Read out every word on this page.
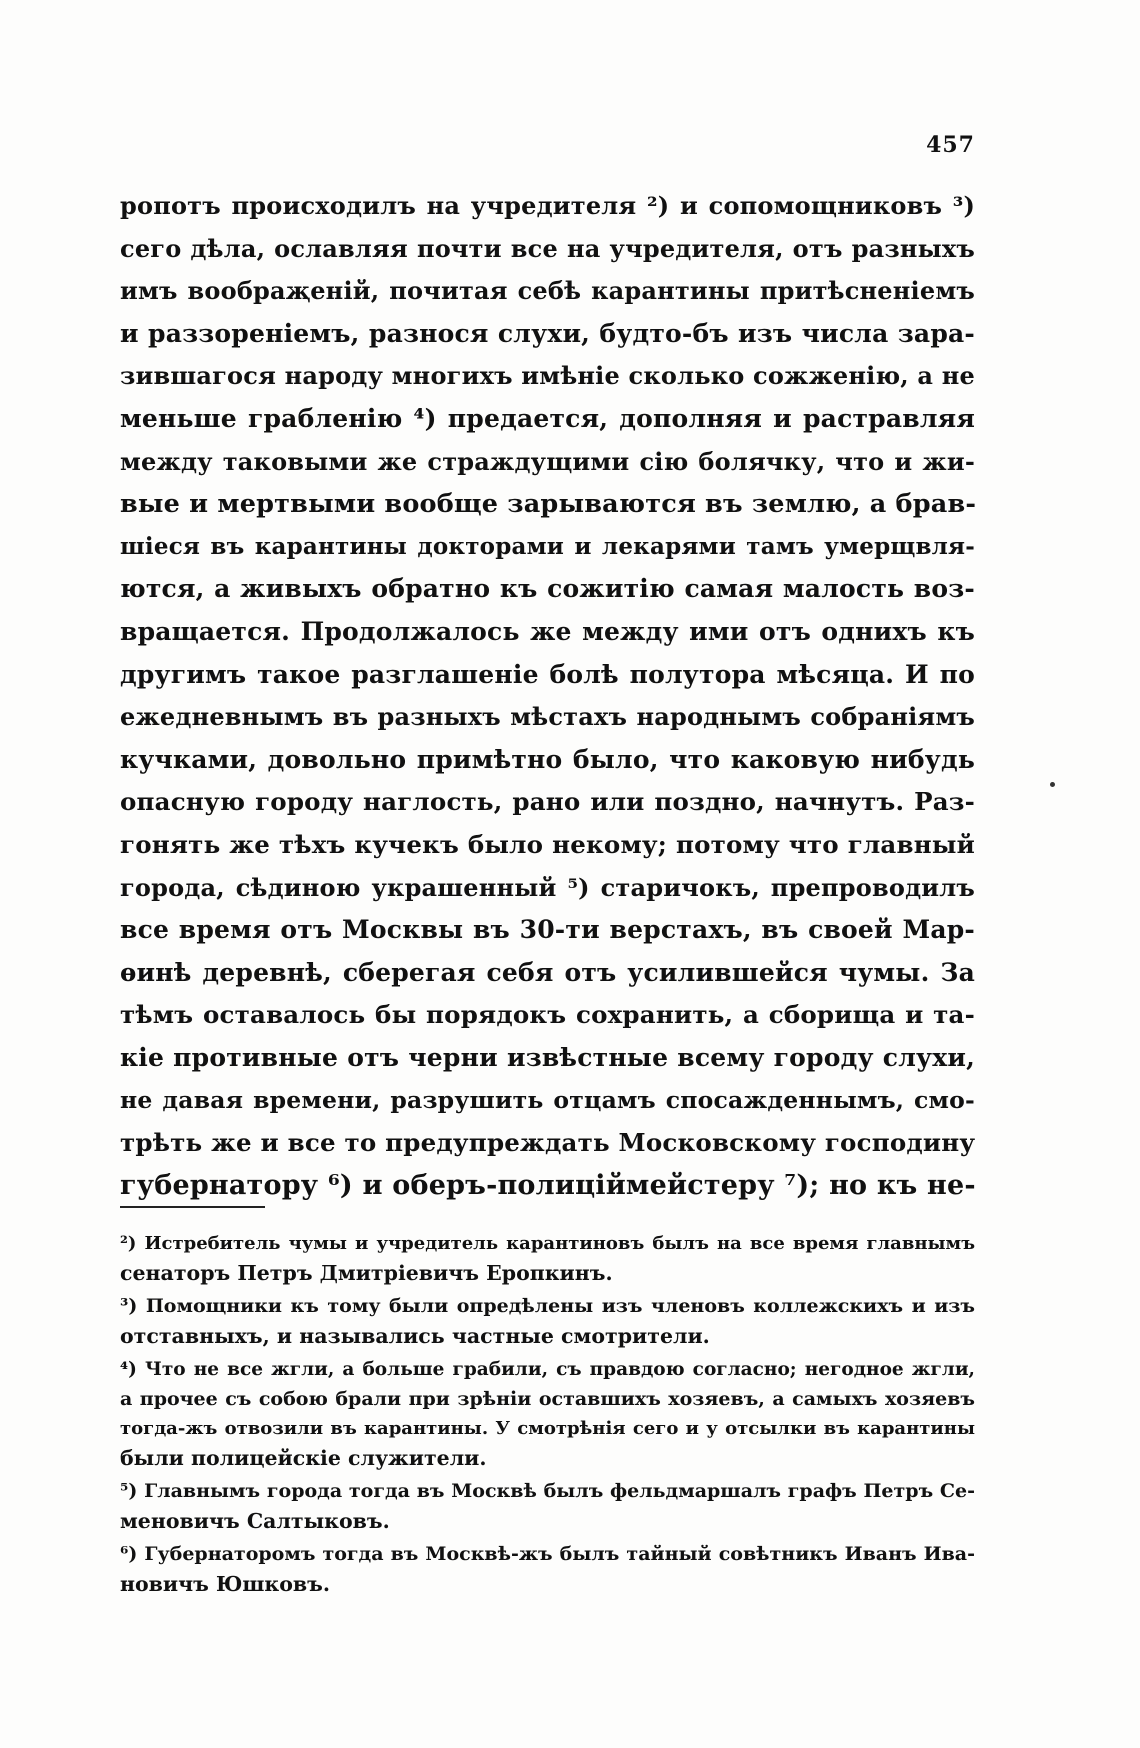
457
ропотъ происходилъ на учредителя ²) и сопомощниковъ ³)
сего дѣла, ославляя почти все на учредителя, отъ разныхъ
имъ вообраҗеній, почитая себѣ карантины притѣсненіемъ
и раззореніемъ, разнося слухи, будто-бъ изъ числа зара-
зившагося народу многихъ имѣніе сколько сожженію, а не
меньше грабленію ⁴) предается, дополняя и растравляя
между таковыми же страждущими сію болячку, что и жи-
вые и мертвыми вообще зарываются въ землю, а брав-
шіеся въ карантины докторами и лекарями тамъ умерщвля-
ются, а живыхъ обратно къ сожитію самая малость воз-
вращается. Продолжалось же между ими отъ однихъ къ
другимъ такое разглашеніе болѣ полутора мѣсяца. И по
ежедневнымъ въ разныхъ мѣстахъ народнымъ собраніямъ
кучками, довольно примѣтно было, что каковую нибудь
опасную городу наглость, рано или поздно, начнутъ. Раз-
гонять же тѣхъ кучекъ было некому; потому что главный
города, сѣдиною украшенный ⁵) старичокъ, препроводилъ
все время отъ Москвы въ 30-ти верстахъ, въ своей Мар-
ѳинѣ деревнѣ, сберегая себя отъ усилившейся чумы. За
тѣмъ оставалось бы порядокъ сохранить, а сборища и та-
кіе противные отъ черни извѣстные всему городу слухи,
не давая времени, разрушить отцамъ спосажденнымъ, смо-
трѣть же и все то предупреждать Московскому господину
губернатору ⁶) и оберъ-полиціймейстеру ⁷); но къ не-
²) Истребитель чумы и учредитель карантиновъ былъ на все время главнымъ
сенаторъ Петръ Дмитріевичъ Еропкинъ.
³) Помощники къ тому были опредѣлены изъ членовъ коллежскихъ и изъ
отставныхъ, и назывались частные смотрители.
⁴) Что не все жгли, а больше грабили, съ правдою согласно; негодное жгли,
а прочее съ собою брали при зрѣніи оставшихъ хозяевъ, а самыхъ хозяевъ
тогда-жъ отвозили въ карантины. У смотрѣнія сего и у отсылки въ карантины
были полицейскіе служители.
⁵) Главнымъ города тогда въ Москвѣ былъ фельдмаршалъ графъ Петръ Се-
меновичъ Салтыковъ.
⁶) Губернаторомъ тогда въ Москвѣ-жъ былъ тайный совѣтникъ Иванъ Ива-
новичъ Юшковъ.
